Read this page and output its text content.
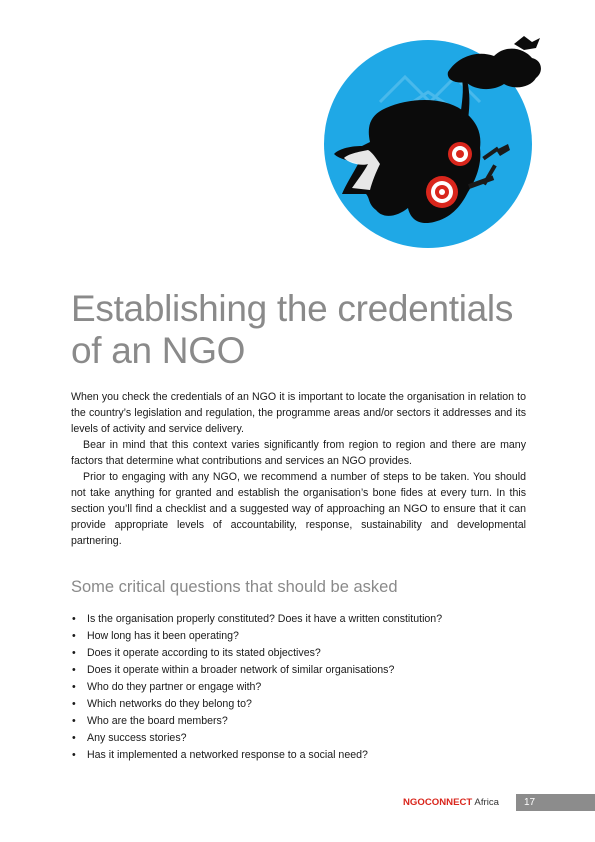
Establishing the credentials
of an NGO

When you check the credentials of an NGO it is important to locate the organisation in relation to the country’s legislation and regulation, the programme areas and/or sectors it addresses and its levels of activity and service delivery.

Bear in mind that this context varies significantly from region to region and there are many factors that determine what contributions and services an NGO provides.

Prior to engaging with any NGO, we recommend a number of steps to be taken. You should not take anything for granted and establish the organisation’s bone fides at every turn. In this section you’ll find a checklist and a suggested way of approaching an NGO to ensure that it can provide appropriate levels of accountability, response, sustainability and developmental partnering.

Some critical questions that should be asked
• Is the organisation properly constituted? Does it have a written constitution?
• How long has it been operating?
• Does it operate according to its stated objectives?
• Does it operate within a broader network of similar organisations?
• Who do they partner or engage with?
• Which networks do they belong to?
• Who are the board members?
• Any success stories?
• Has it implemented a networked response to a social need?
NGOCONNECT Africa	17
